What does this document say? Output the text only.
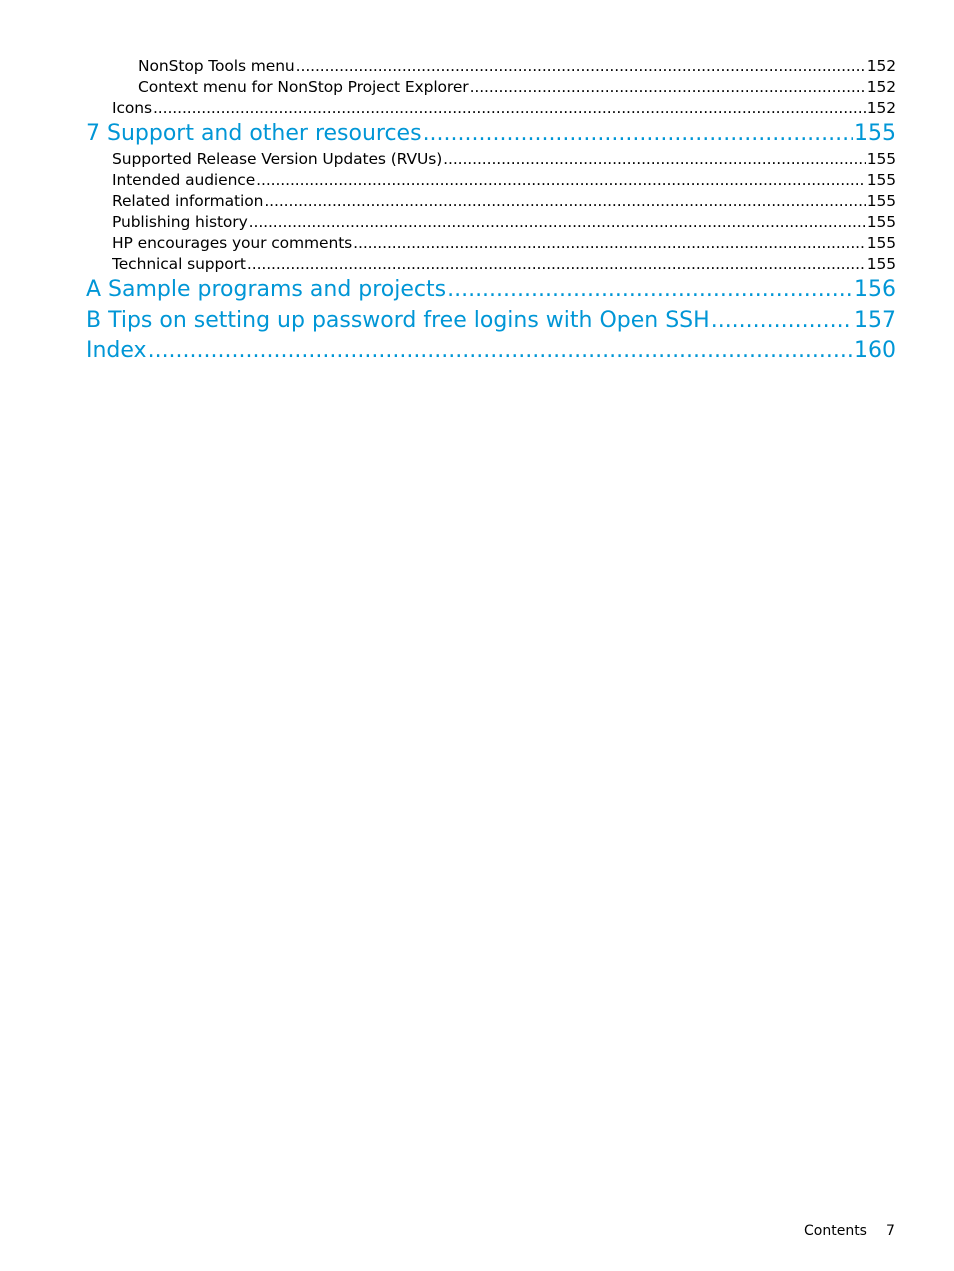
NonStop Tools menu .....	152
Context menu for NonStop Project Explorer .....	152
Icons .....	152
7 Support and other resources .....	155
Supported Release Version Updates (RVUs) .....	155
Intended audience .....	155
Related information .....	155
Publishing history .....	155
HP encourages your comments .....	155
Technical support .....	155
A Sample programs and projects .....	156
B Tips on setting up password free logins with Open SSH .....	157
Index .....	160
Contents 7
